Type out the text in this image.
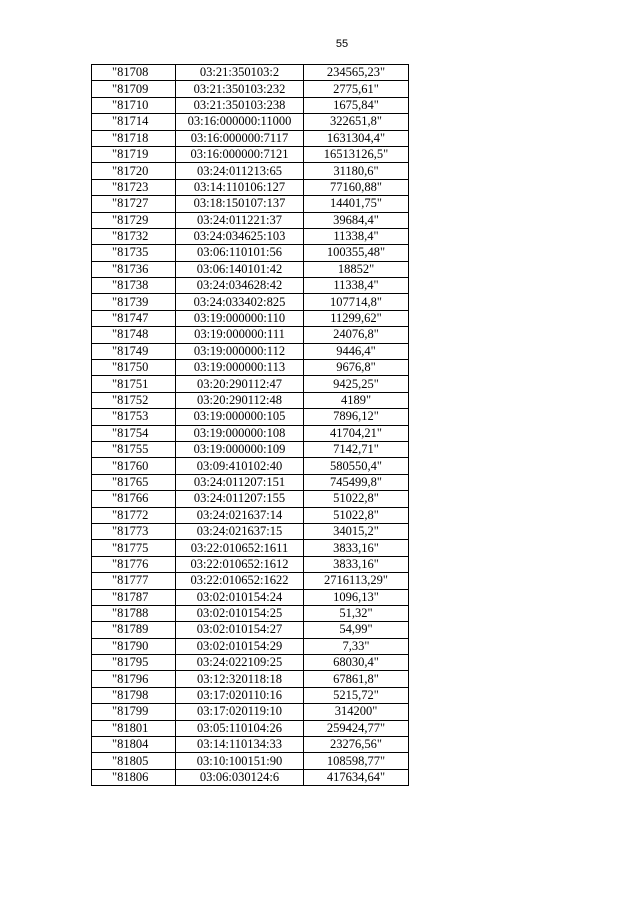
55
"81708	03:21:350103:2	234565,23"
"81709	03:21:350103:232	2775,61"
"81710	03:21:350103:238	1675,84"
"81714	03:16:000000:11000	322651,8"
"81718	03:16:000000:7117	1631304,4"
"81719	03:16:000000:7121	16513126,5"
"81720	03:24:011213:65	31180,6"
"81723	03:14:110106:127	77160,88"
"81727	03:18:150107:137	14401,75"
"81729	03:24:011221:37	39684,4"
"81732	03:24:034625:103	11338,4"
"81735	03:06:110101:56	100355,48"
"81736	03:06:140101:42	18852"
"81738	03:24:034628:42	11338,4"
"81739	03:24:033402:825	107714,8"
"81747	03:19:000000:110	11299,62"
"81748	03:19:000000:111	24076,8"
"81749	03:19:000000:112	9446,4"
"81750	03:19:000000:113	9676,8"
"81751	03:20:290112:47	9425,25"
"81752	03:20:290112:48	4189"
"81753	03:19:000000:105	7896,12"
"81754	03:19:000000:108	41704,21"
"81755	03:19:000000:109	7142,71"
"81760	03:09:410102:40	580550,4"
"81765	03:24:011207:151	745499,8"
"81766	03:24:011207:155	51022,8"
"81772	03:24:021637:14	51022,8"
"81773	03:24:021637:15	34015,2"
"81775	03:22:010652:1611	3833,16"
"81776	03:22:010652:1612	3833,16"
"81777	03:22:010652:1622	2716113,29"
"81787	03:02:010154:24	1096,13"
"81788	03:02:010154:25	51,32"
"81789	03:02:010154:27	54,99"
"81790	03:02:010154:29	7,33"
"81795	03:24:022109:25	68030,4"
"81796	03:12:320118:18	67861,8"
"81798	03:17:020110:16	5215,72"
"81799	03:17:020119:10	314200"
"81801	03:05:110104:26	259424,77"
"81804	03:14:110134:33	23276,56"
"81805	03:10:100151:90	108598,77"
"81806	03:06:030124:6	417634,64"
